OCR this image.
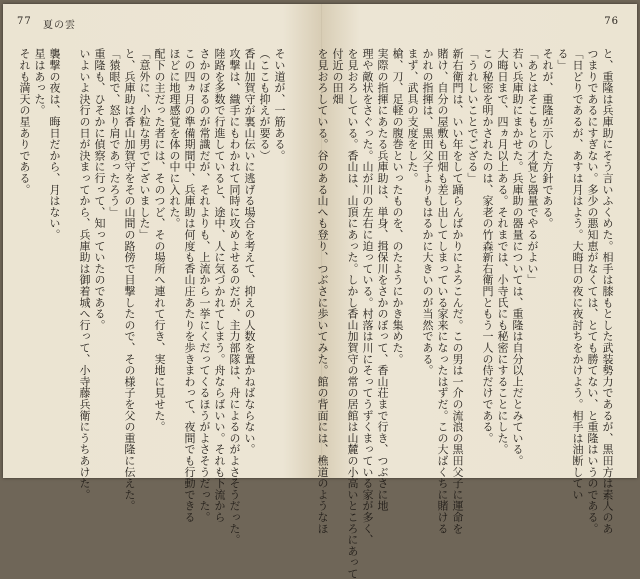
77 夏の雲
そい道が、一筋ある。
（ここも抑えが要る）
香山加賀守が裏山伝いに逃げる場合を考えて、抑えの人数を置かねばならない。
攻撃は、織手にもわかれて同時に攻めよせるのだが、主力部隊は、舟によるのがよさそうだった。
陸路を多数で行進していると、途中、人に気づかれてしまう。舟ならばいい。それも下流から
さかのぼるのが常識だが、それよりも、上流から一挙にくだってくるほうがよさそうだった。
この四ヵ月の準備期間中、兵庫助は何度も香山庄あたりを歩きまわって、夜間でも行動できる
ほどに地理感覚を体の中に入れた。
配下の主だった者には、そのつど、その場所へ連れて行き、実地に見せた。
「意外に、小粒な男でございました」
と、兵庫助は香山加賀守をその山間の路傍で目撃したので、その様子を父の重隆に伝えた。
「猿眼で、怒り肩であったろう」
重隆も、ひそかに偵察に行って、知っていたのである。
いよいよ決行の日が決まってから、兵庫助は御着城へ行って、小寺藤兵衛にうちあけた。

襲撃の夜は、晦日だから、月はない。
星はあった。
それも満天の星ありである。
76
と、重隆は兵庫助にそう言いふくめた。相手は膝もとした武装勢力であるが、黒田方は素人のあ
つまりであるにすぎない。多少の悪知恵がなくては、とても勝てない、と重隆はいうのである。
「日どりであるが、あすは月はよう。大晦日の夜に夜討ちをかけよう。相手は油断してい
る」
それが、重隆が示した方針である。
「あとはそこもとの才覚と器量でやるがよい」
若い兵庫助にまかせた。兵庫助の器量については、重隆は自分以上だとみている。
大晦日まで、四ヵ月以上ある。それまでは、小寺氏にも秘密にすることにした。
この秘密を明かされたのは、家老の竹森新右衛門ともう一人の侍だけである。
「うれしいことでござる」
新右衛門は、いい年をして踊らんばかりによろこんだ。この男は一介の流浪の黒田父子に運命を
賭け、自分の屋敷も田畑も差し出してしまっている家来になったはずだ。この大ばくちに賭ける
かれの指揮は、黒田父子よりもはるかに大きいのが当然である。
まず、武具の支度をした。
槍、刀、足軽の腹巻といったものを、のたようにかき集めた。
実際の指揮にあたる兵庫助は、単身、揖保川をさかのぼって、香山荘まで行き、つぶさに地
理や敵状をさぐった。山が川の左右に迫っている。村落は川にそってうずくまっている家が多く、
を見おろしている。香山は、山頂にあった。しかし香山加賀守の常の居館は山麓の小高いところにあって
付近の田畑
を見おろしている。谷のある山へも登り、つぶさに歩いてみた。館の背面には、樵道のようなほ
